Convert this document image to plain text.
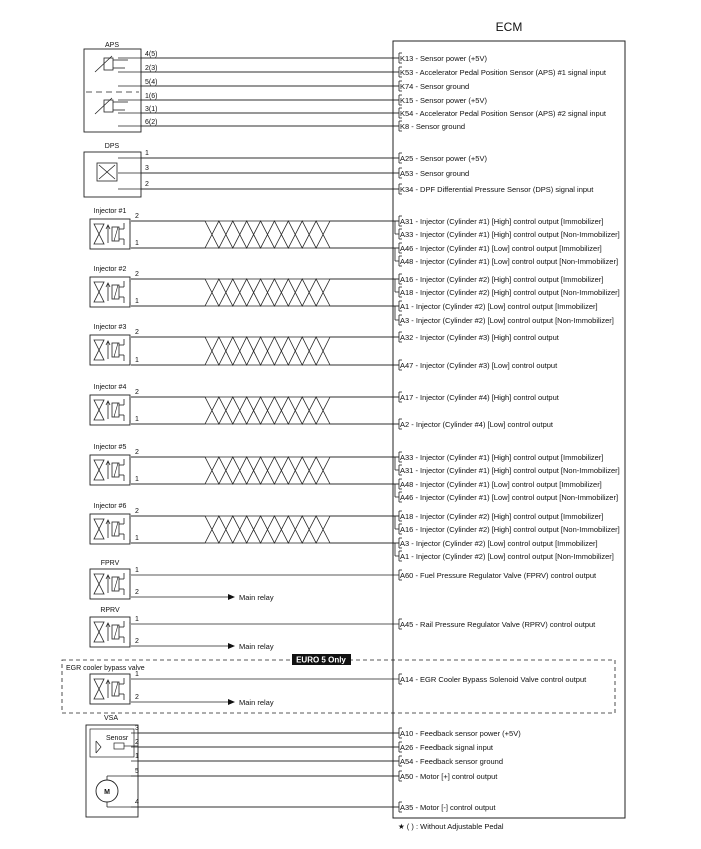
ECM
EURO 5 Only
★ ( ) : Without Adjustable Pedal
K13 - Sensor power (+5V)
K53 - Accelerator Pedal Position Sensor (APS) #1 signal input
K74 - Sensor ground
K15 - Sensor power (+5V)
K54 - Accelerator Pedal Position Sensor (APS) #2 signal input
K8 - Sensor ground
A25 - Sensor power (+5V)
A53 - Sensor ground
K34 - DPF Differential Pressure Sensor (DPS) signal input
A31 - Injector (Cylinder #1) [High] control output [Immobilizer]
A33 - Injector (Cylinder #1) [High] control output [Non-Immobilizer]
A46 - Injector (Cylinder #1) [Low] control output [Immobilizer]
A48 - Injector (Cylinder #1) [Low] control output [Non-Immobilizer]
A16 - Injector (Cylinder #2) [High] control output [Immobilizer]
A18 - Injector (Cylinder #2) [High] control output [Non-Immobilizer]
A1 - Injector (Cylinder #2) [Low] control output [Immobilizer]
A3 - Injector (Cylinder #2) [Low] control output [Non-Immobilizer]
A32 - Injector (Cylinder #3) [High] control output
A47 - Injector (Cylinder #3) [Low] control output
A17 - Injector (Cylinder #4) [High] control output
A2 - Injector (Cylinder #4) [Low] control output
A33 - Injector (Cylinder #1) [High] control output [Immobilizer]
A31 - Injector (Cylinder #1) [High] control output [Non-Immobilizer]
A48 - Injector (Cylinder #1) [Low] control output [Immobilizer]
A46 - Injector (Cylinder #1) [Low] control output [Non-Immobilizer]
A18 - Injector (Cylinder #2) [High] control output [Immobilizer]
A16 - Injector (Cylinder #2) [High] control output [Non-Immobilizer]
A3 - Injector (Cylinder #2) [Low] control output [Immobilizer]
A1 - Injector (Cylinder #2) [Low] control output [Non-Immobilizer]
A60 - Fuel Pressure Regulator Valve (FPRV) control output
A45 - Rail Pressure Regulator Valve (RPRV) control output
A14 - EGR Cooler Bypass Solenoid Valve control output
A10 - Feedback sensor power (+5V)
A26 - Feedback signal input
A54 - Feedback sensor ground
A50 - Motor [+] control output
A35 - Motor [-] control output
APS
4(5)
2(3)
5(4)
1(6)
3(1)
6(2)
DPS
1
3
2
Injector #1
2
1
Injector #2
2
1
Injector #3
2
1
Injector #4
2
1
Injector #5
2
1
Injector #6
2
1
FPRV
1
2
Main relay
RPRV
1
2
Main relay
EGR cooler bypass valve
1
2
Main relay
VSA
Senosr
M
3
2
1
5
4
